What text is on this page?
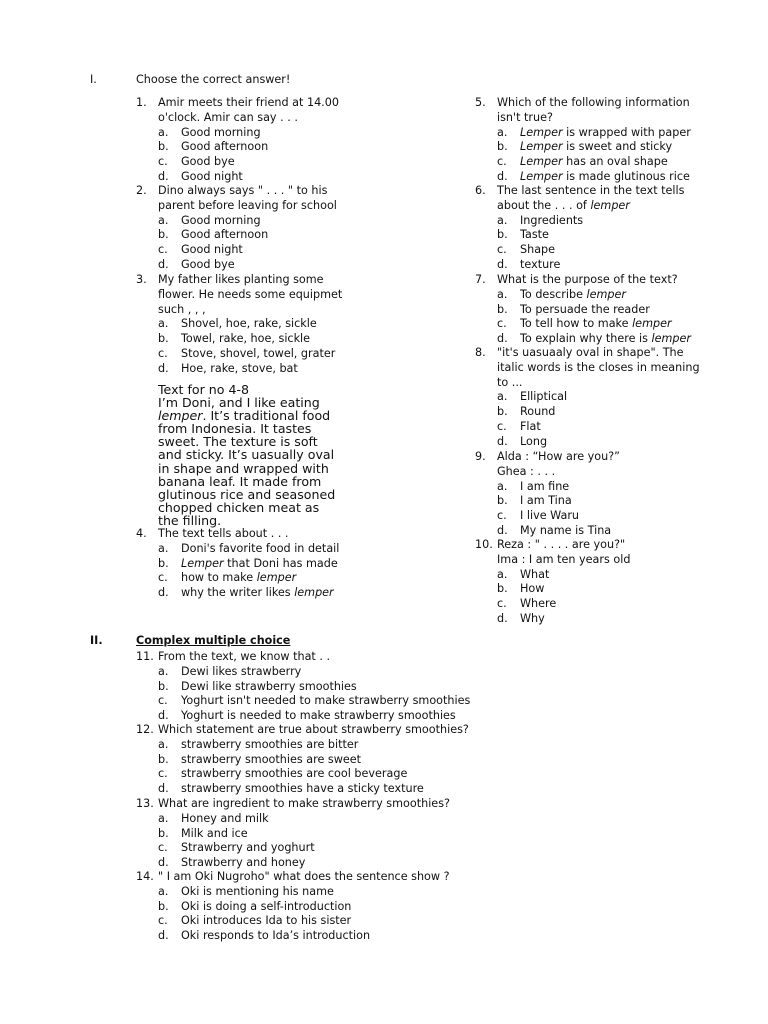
I.	Choose the correct answer!
Text for no 4-8
I’m Doni, and I like eating
lemper. It’s traditional food
from Indonesia. It tastes
sweet. The texture is soft
and sticky. It’s uasually oval
in shape and wrapped with
banana leaf. It made from
glutinous rice and seasoned
chopped chicken meat as
the filling.
II.	Complex multiple choice
1. Amir meets their friend at 14.00
o'clock. Amir can say . . .
a. Good morning
b. Good afternoon
c. Good bye
d. Good night
2. Dino always says " . . . " to his
parent before leaving for school
a. Good morning
b. Good afternoon
c. Good night
d. Good bye
3. My father likes planting some
flower. He needs some equipmet
such , , ,
a. Shovel, hoe, rake, sickle
b. Towel, rake, hoe, sickle
c. Stove, shovel, towel, grater
d. Hoe, rake, stove, bat
4. The text tells about . . .
a. Doni's favorite food in detail
b. Lemper that Doni has made
c. how to make lemper
d. why the writer likes lemper
5. Which of the following information
isn't true?
a. Lemper is wrapped with paper
b. Lemper is sweet and sticky
c. Lemper has an oval shape
d. Lemper is made glutinous rice
6. The last sentence in the text tells
about the . . . of lemper
a. Ingredients
b. Taste
c. Shape
d. texture
7. What is the purpose of the text?
a. To describe lemper
b. To persuade the reader
c. To tell how to make lemper
d. To explain why there is lemper
8. "it's uasuaaly oval in shape". The
italic words is the closes in meaning
to ...
a. Elliptical
b. Round
c. Flat
d. Long
9. Alda : “How are you?”
Ghea : . . .
a. I am fine
b. I am Tina
c. I live Waru
d. My name is Tina
10. Reza : " . . . . are you?"
Ima : I am ten years old
a. What
b. How
c. Where
d. Why
11. From the text, we know that . .
a. Dewi likes strawberry
b. Dewi like strawberry smoothies
c. Yoghurt isn't needed to make strawberry smoothies
d. Yoghurt is needed to make strawberry smoothies
12. Which statement are true about strawberry smoothies?
a. strawberry smoothies are bitter
b. strawberry smoothies are sweet
c. strawberry smoothies are cool beverage
d. strawberry smoothies have a sticky texture
13. What are ingredient to make strawberry smoothies?
a. Honey and milk
b. Milk and ice
c. Strawberry and yoghurt
d. Strawberry and honey
14. " I am Oki Nugroho" what does the sentence show ?
a. Oki is mentioning his name
b. Oki is doing a self-introduction
c. Oki introduces Ida to his sister
d. Oki responds to Ida’s introduction
